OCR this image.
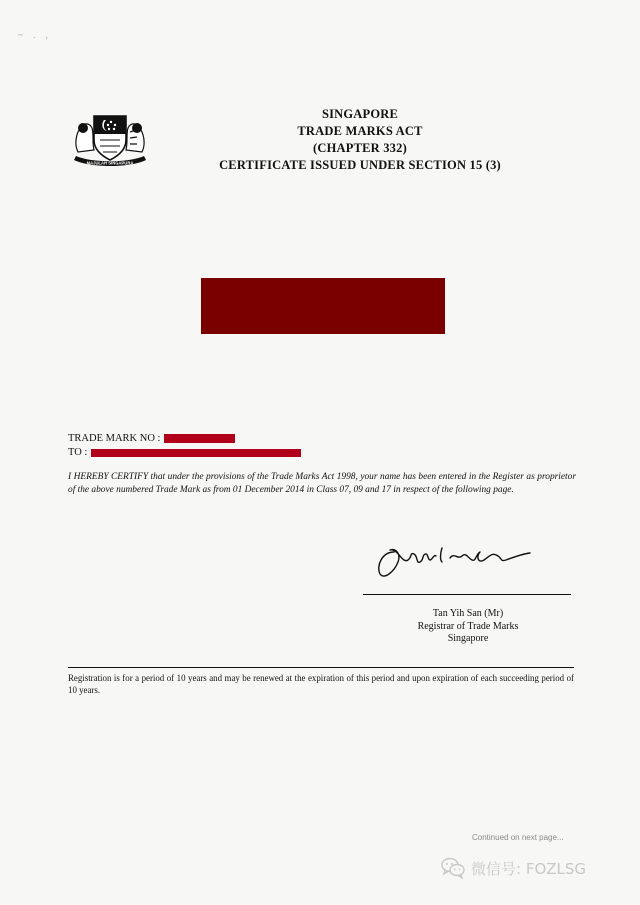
~ . ,
MAJULAH SINGAPURA
SINGAPORE
TRADE MARKS ACT
(CHAPTER 332)
CERTIFICATE ISSUED UNDER SECTION 15 (3)
TRADE MARK NO :
TO :
I HEREBY CERTIFY that under the provisions of the Trade Marks Act 1998, your name has been entered in the Register as proprietor of the above numbered Trade Mark as from 01 December 2014 in Class 07, 09 and 17 in respect of the following page.
Tan Yih San (Mr)
Registrar of Trade Marks
Singapore
Registration is for a period of 10 years and may be renewed at the expiration of this period and upon expiration of each succeeding period of 10 years.
Continued on next page...
微信号: FOZLSG
